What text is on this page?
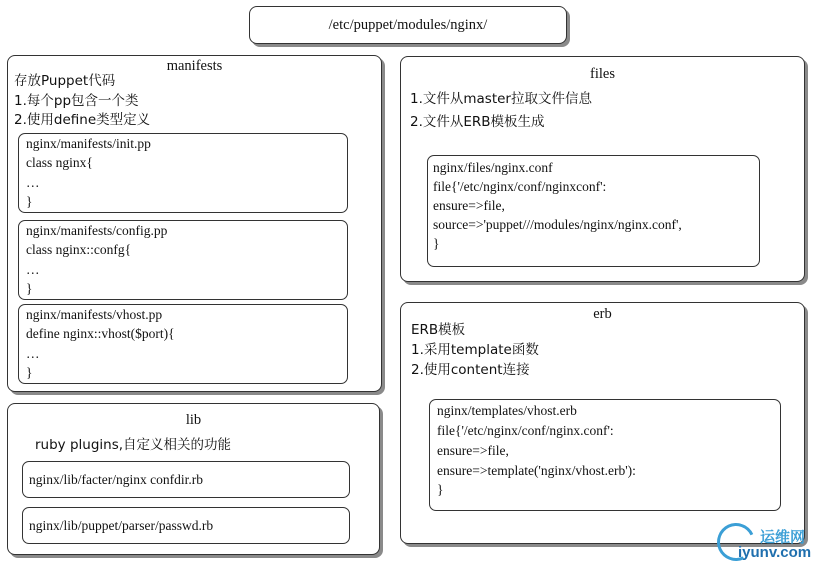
/etc/puppet/modules/nginx/
manifests
存放Puppet代码
1.每个pp包含一个类
2.使用define类型定义
nginx/manifests/init.pp
class nginx{
…
}
nginx/manifests/config.pp
class nginx::confg{
…
}
nginx/manifests/vhost.pp
define nginx::vhost($port){
…
}
lib
ruby plugins,自定义相关的功能
nginx/lib/facter/nginx confdir.rb
nginx/lib/puppet/parser/passwd.rb
files
1.文件从master拉取文件信息
2.文件从ERB模板生成
nginx/files/nginx.conf
file{'/etc/nginx/conf/nginxconf':
ensure=>file,
source=>'puppet///modules/nginx/nginx.conf',
}
erb
ERB模板
1.采用template函数
2.使用content连接
nginx/templates/vhost.erb
file{'/etc/nginx/conf/nginx.conf':
ensure=>file,
ensure=>template('nginx/vhost.erb'):
}
运维网
iyunv.com
